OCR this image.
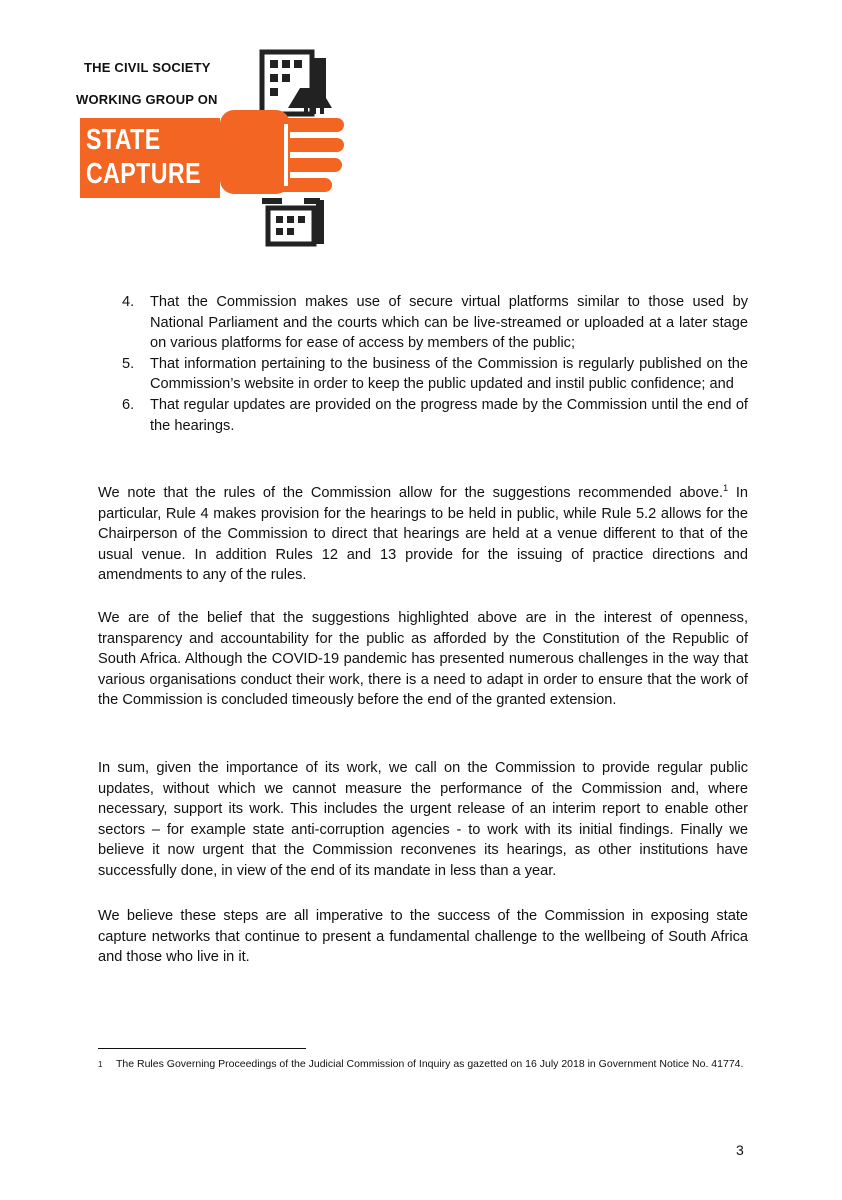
THE CIVIL SOCIETY
WORKING GROUP ON
STATE
CAPTURE
4. That the Commission makes use of secure virtual platforms similar to those used by National Parliament and the courts which can be live-streamed or uploaded at a later stage on various platforms for ease of access by members of the public;
5. That information pertaining to the business of the Commission is regularly published on the Commission’s website in order to keep the public updated and instil public confidence; and
6. That regular updates are provided on the progress made by the Commission until the end of the hearings.

We note that the rules of the Commission allow for the suggestions recommended above.$^1$ In particular, Rule 4 makes provision for the hearings to be held in public, while Rule 5.2 allows for the Chairperson of the Commission to direct that hearings are held at a venue different to that of the usual venue. In addition Rules 12 and 13 provide for the issuing of practice directions and amendments to any of the rules.

We are of the belief that the suggestions highlighted above are in the interest of openness, transparency and accountability for the public as afforded by the Constitution of the Republic of South Africa. Although the COVID-19 pandemic has presented numerous challenges in the way that various organisations conduct their work, there is a need to adapt in order to ensure that the work of the Commission is concluded timeously before the end of the granted extension.

In sum, given the importance of its work, we call on the Commission to provide regular public updates, without which we cannot measure the performance of the Commission and, where necessary, support its work. This includes the urgent release of an interim report to enable other sectors – for example state anti-corruption agencies - to work with its initial findings. Finally we believe it now urgent that the Commission reconvenes its hearings, as other institutions have successfully done, in view of the end of its mandate in less than a year.

We believe these steps are all imperative to the success of the Commission in exposing state capture networks that continue to present a fundamental challenge to the wellbeing of South Africa and those who live in it.

1	The Rules Governing Proceedings of the Judicial Commission of Inquiry as gazetted on 16 July 2018 in Government Notice No. 41774.
3
